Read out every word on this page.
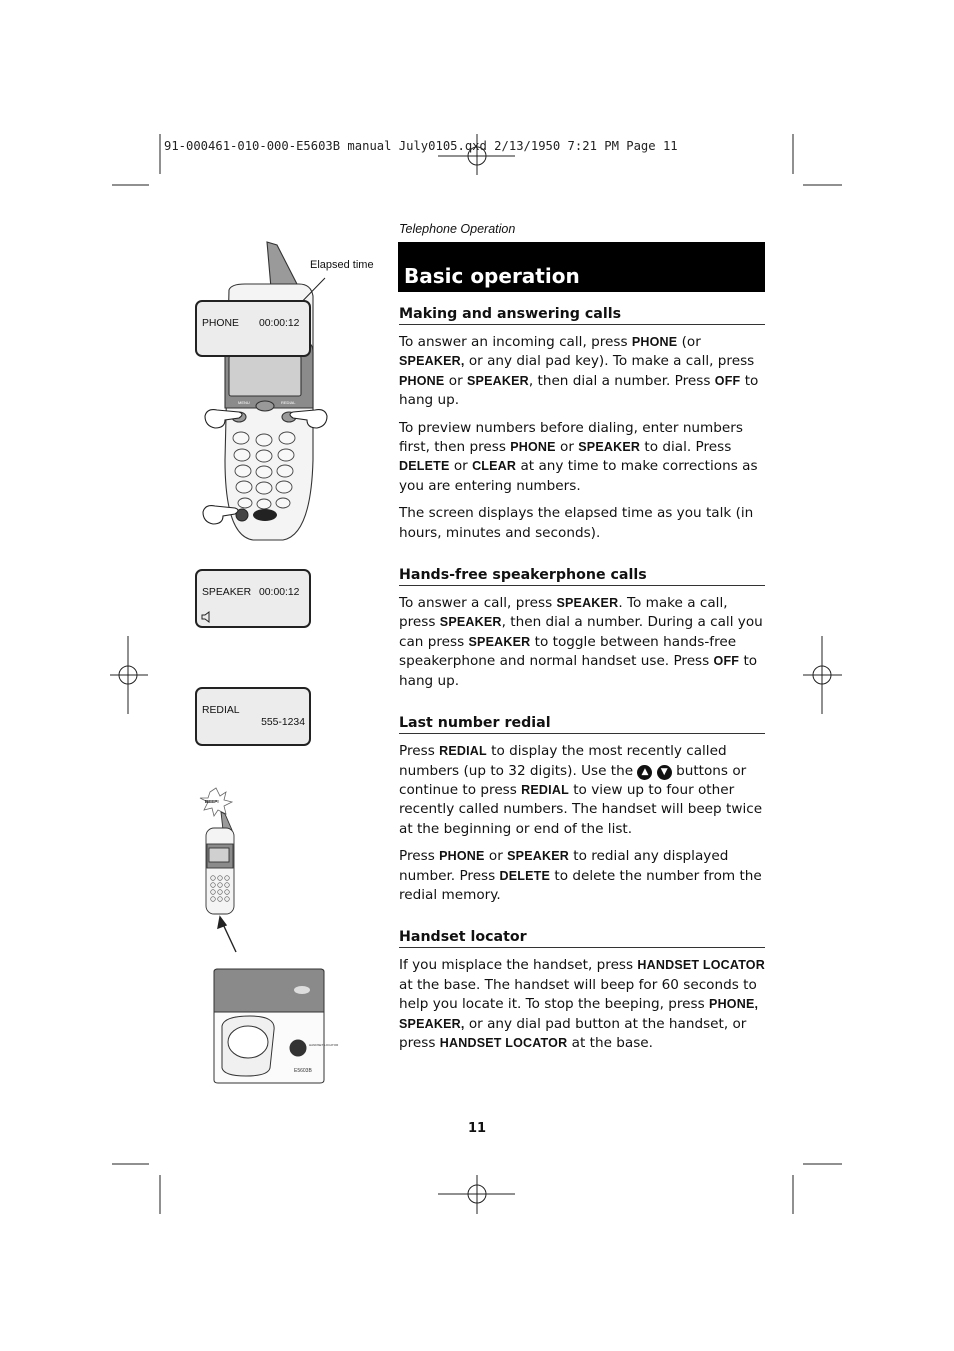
91-000461-010-000-E5603B manual July0105.qxd 2/13/1950 7:21 PM Page 11
Telephone Operation
Basic operation
MENU	REDIAL
Elapsed time
PHONE 00:00:12
SPEAKER 00:00:12
REDIAL
555-1234
BEEP!
E5603B
HANDSET LOCATOR
Making and answering calls

To answer an incoming call, press PHONE (or SPEAKER, or any dial pad key). To make a call, press PHONE or SPEAKER, then dial a number. Press OFF to hang up.

To preview numbers before dialing, enter numbers first, then press PHONE or SPEAKER to dial. Press DELETE or CLEAR at any time to make corrections as you are entering numbers.

The screen displays the elapsed time as you talk (in hours, minutes and seconds).

Hands-free speakerphone calls

To answer a call, press SPEAKER. To make a call, press SPEAKER, then dial a number. During a call you can press SPEAKER to toggle between hands-free speakerphone and normal handset use. Press OFF to hang up.

Last number redial

Press REDIAL to display the most recently called numbers (up to 32 digits). Use the ▲ ▼ buttons or continue to press REDIAL to view up to four other recently called numbers. The handset will beep twice at the beginning or end of the list.

Press PHONE or SPEAKER to redial any displayed number. Press DELETE to delete the number from the redial memory.

Handset locator

If you misplace the handset, press HANDSET LOCATOR at the base. The handset will beep for 60 seconds to help you locate it. To stop the beeping, press PHONE, SPEAKER, or any dial pad button at the handset, or press HANDSET LOCATOR at the base.

11
